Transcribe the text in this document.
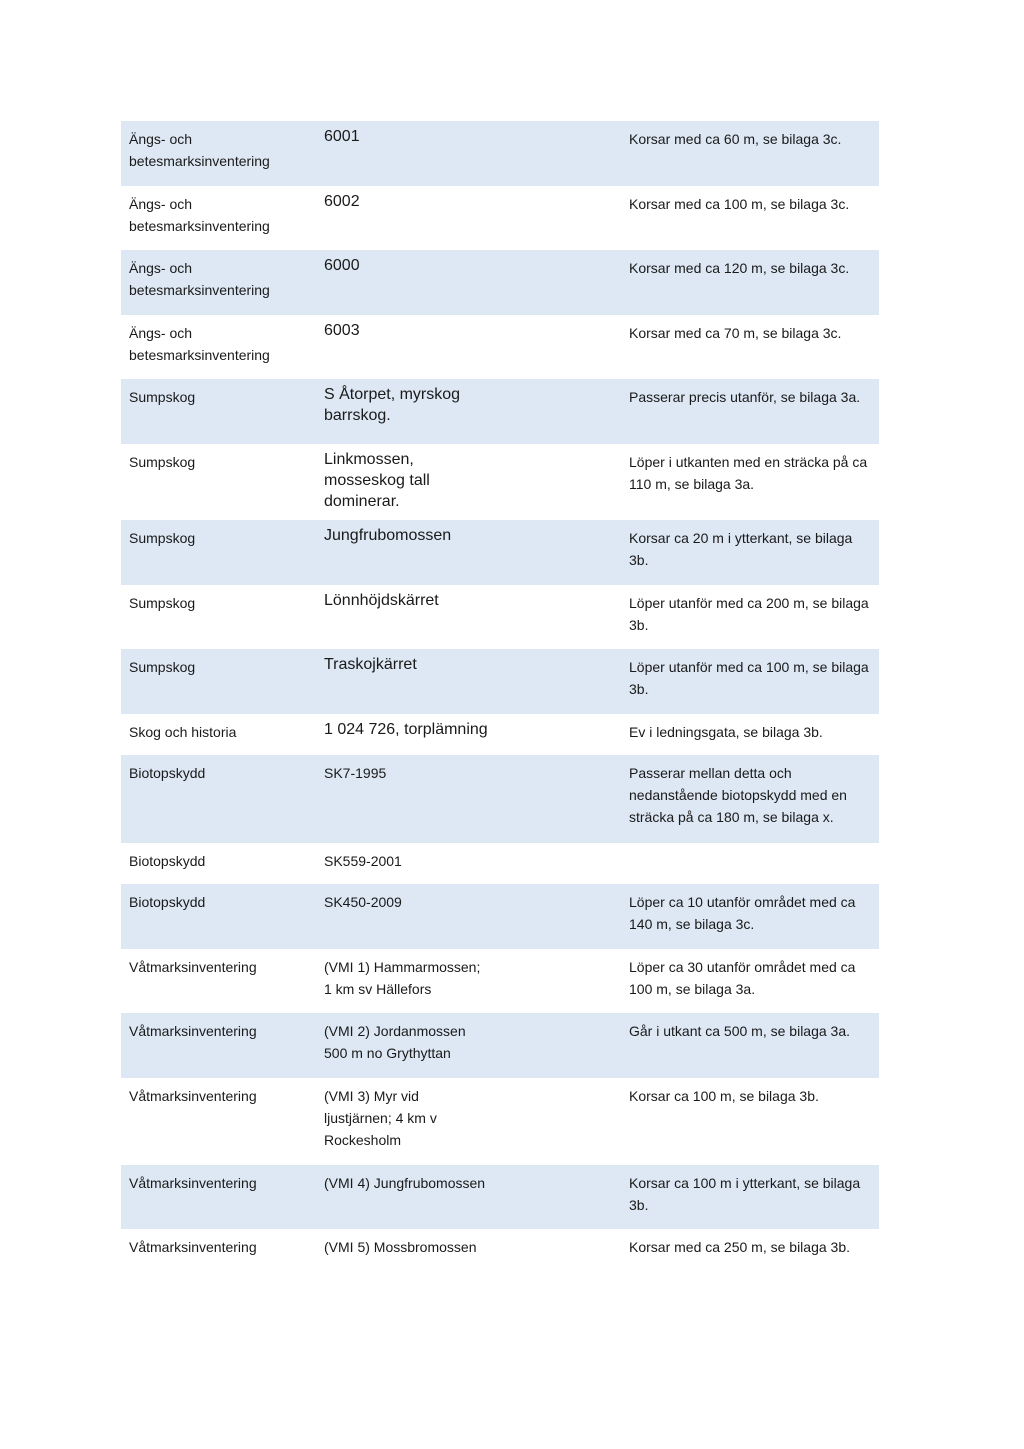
Ängs- och betesmarksinventering	6001		Korsar med ca 60 m, se bilaga 3c.
Ängs- och betesmarksinventering	6002		Korsar med ca 100 m, se bilaga 3c.
Ängs- och betesmarksinventering	6000		Korsar med ca 120 m, se bilaga 3c.
Ängs- och betesmarksinventering	6003		Korsar med ca 70 m, se bilaga 3c.
Sumpskog	S Åtorpet, myrskog barrskog.		Passerar precis utanför, se bilaga 3a.
Sumpskog	Linkmossen, mosseskog tall dominerar.		Löper i utkanten med en sträcka på ca 110 m, se bilaga 3a.
Sumpskog	Jungfrubomossen		Korsar ca 20 m i ytterkant, se bilaga 3b.
Sumpskog	Lönnhöjdskärret		Löper utanför med ca 200 m, se bilaga 3b.
Sumpskog	Traskojkärret		Löper utanför med ca 100 m, se bilaga 3b.
Skog och historia	1 024 726, torplämning		Ev i ledningsgata, se bilaga 3b.
Biotopskydd	SK7-1995		Passerar mellan detta och nedanstående biotopskydd med en sträcka på ca 180 m, se bilaga x.
Biotopskydd	SK559-2001		
Biotopskydd	SK450-2009		Löper ca 10 utanför området med ca 140 m, se bilaga 3c.
Våtmarksinventering	(VMI 1) Hammarmossen; 1 km sv Hällefors		Löper ca 30 utanför området med ca 100 m, se bilaga 3a.
Våtmarksinventering	(VMI 2) Jordanmossen 500 m no Grythyttan		Går i utkant ca 500 m, se bilaga 3a.
Våtmarksinventering	(VMI 3) Myr vid ljustjärnen; 4 km v Rockesholm		Korsar ca 100 m, se bilaga 3b.
Våtmarksinventering	(VMI 4) Jungfrubomossen		Korsar ca 100 m i ytterkant, se bilaga 3b.
Våtmarksinventering	(VMI 5) Mossbromossen		Korsar med ca 250 m, se bilaga 3b.
